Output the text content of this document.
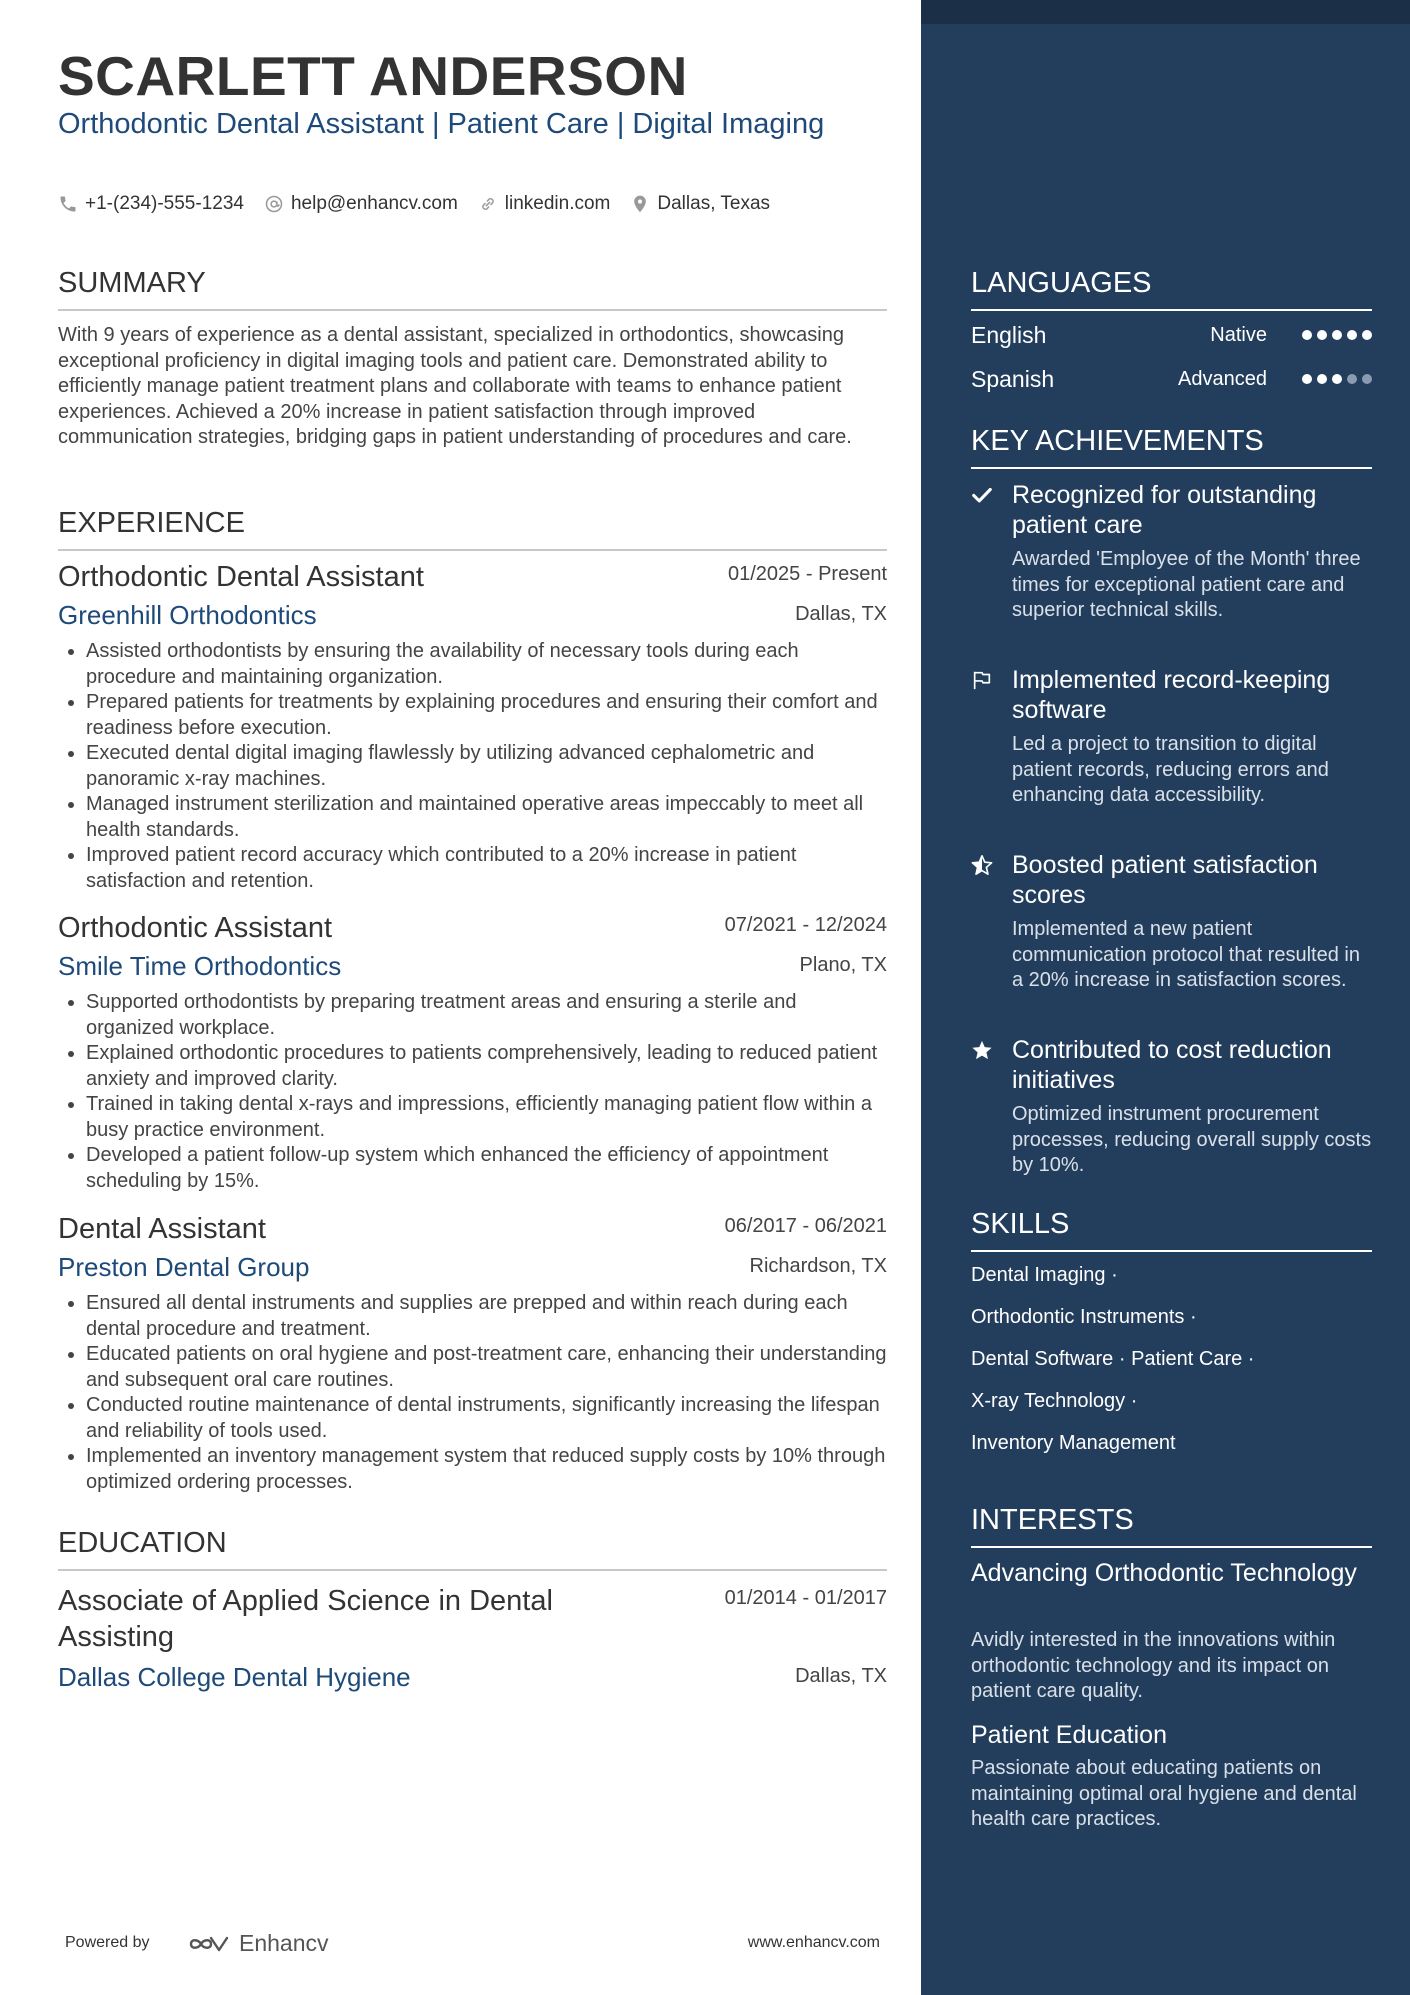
SCARLETT ANDERSON
Orthodontic Dental Assistant | Patient Care | Digital Imaging
+1-(234)-555-1234 help@enhancv.com linkedin.com Dallas, Texas
SUMMARY
With 9 years of experience as a dental assistant, specialized in orthodontics, showcasing exceptional proficiency in digital imaging tools and patient care. Demonstrated ability to efficiently manage patient treatment plans and collaborate with teams to enhance patient experiences. Achieved a 20% increase in patient satisfaction through improved communication strategies, bridging gaps in patient understanding of procedures and care.
EXPERIENCE
Orthodontic Dental Assistant	01/2025 - Present
Greenhill Orthodontics	Dallas, TX
• Assisted orthodontists by ensuring the availability of necessary tools during each procedure and maintaining organization.
• Prepared patients for treatments by explaining procedures and ensuring their comfort and readiness before execution.
• Executed dental digital imaging flawlessly by utilizing advanced cephalometric and panoramic x-ray machines.
• Managed instrument sterilization and maintained operative areas impeccably to meet all health standards.
• Improved patient record accuracy which contributed to a 20% increase in patient satisfaction and retention.
Orthodontic Assistant	07/2021 - 12/2024
Smile Time Orthodontics	Plano, TX
• Supported orthodontists by preparing treatment areas and ensuring a sterile and organized workplace.
• Explained orthodontic procedures to patients comprehensively, leading to reduced patient anxiety and improved clarity.
• Trained in taking dental x-rays and impressions, efficiently managing patient flow within a busy practice environment.
• Developed a patient follow-up system which enhanced the efficiency of appointment scheduling by 15%.
Dental Assistant	06/2017 - 06/2021
Preston Dental Group	Richardson, TX
• Ensured all dental instruments and supplies are prepped and within reach during each dental procedure and treatment.
• Educated patients on oral hygiene and post-treatment care, enhancing their understanding and subsequent oral care routines.
• Conducted routine maintenance of dental instruments, significantly increasing the lifespan and reliability of tools used.
• Implemented an inventory management system that reduced supply costs by 10% through optimized ordering processes.
EDUCATION
Associate of Applied Science in Dental Assisting
01/2014 - 01/2017
Dallas College Dental Hygiene	Dallas, TX
LANGUAGES
English	Native
Spanish	Advanced
KEY ACHIEVEMENTS
Recognized for outstanding patient care
Awarded 'Employee of the Month' three times for exceptional patient care and superior technical skills.
Implemented record-keeping software
Led a project to transition to digital patient records, reducing errors and enhancing data accessibility.
Boosted patient satisfaction scores
Implemented a new patient communication protocol that resulted in a 20% increase in satisfaction scores.
Contributed to cost reduction initiatives
Optimized instrument procurement processes, reducing overall supply costs by 10%.
SKILLS
Dental Imaging ·
Orthodontic Instruments ·
Dental Software · Patient Care ·
X-ray Technology ·
Inventory Management
INTERESTS
Advancing Orthodontic Technology
Avidly interested in the innovations within orthodontic technology and its impact on patient care quality.
Patient Education
Passionate about educating patients on maintaining optimal oral hygiene and dental health care practices.
Powered by	Enhancv	www.enhancv.com
